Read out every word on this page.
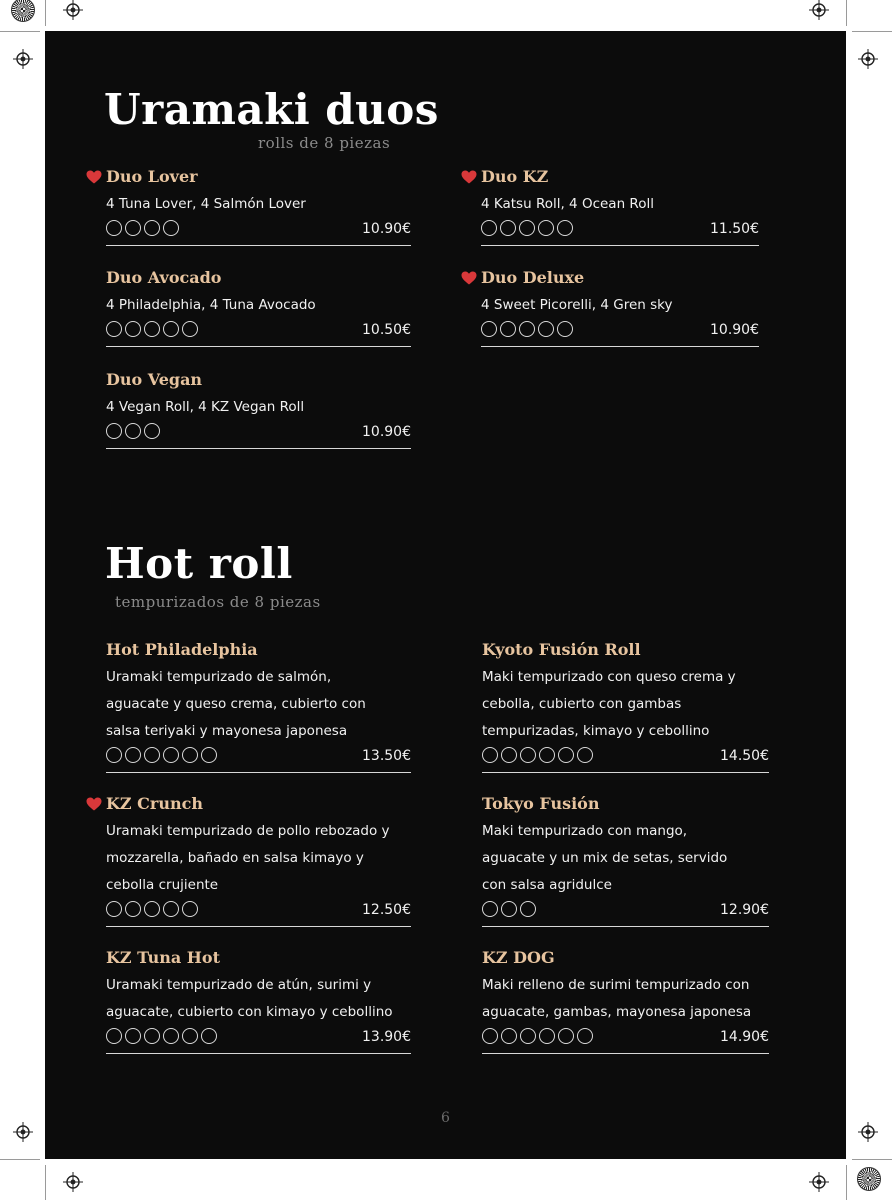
Uramaki duos
rolls de 8 piezas
Duo Lover
4 Tuna Lover, 4 Salmón Lover
10.90€
Duo KZ
4 Katsu Roll, 4 Ocean Roll
11.50€
Duo Avocado
4 Philadelphia, 4 Tuna Avocado
10.50€
Duo Deluxe
4 Sweet Picorelli, 4 Gren sky
10.90€
Duo Vegan
4 Vegan Roll, 4 KZ Vegan Roll
10.90€
Hot roll
tempurizados de 8 piezas
Hot Philadelphia
Uramaki tempurizado de salmón,
aguacate y queso crema, cubierto con
salsa teriyaki y mayonesa japonesa
13.50€
Kyoto Fusión Roll
Maki tempurizado con queso crema y
cebolla, cubierto con gambas
tempurizadas, kimayo y cebollino
14.50€
KZ Crunch
Uramaki tempurizado de pollo rebozado y
mozzarella, bañado en salsa kimayo y
cebolla crujiente
12.50€
Tokyo Fusión
Maki tempurizado con mango,
aguacate y un mix de setas, servido
con salsa agridulce
12.90€
KZ Tuna Hot
Uramaki tempurizado de atún, surimi y
aguacate, cubierto con kimayo y cebollino
13.90€
KZ DOG
Maki relleno de surimi tempurizado con
aguacate, gambas, mayonesa japonesa
14.90€
6
